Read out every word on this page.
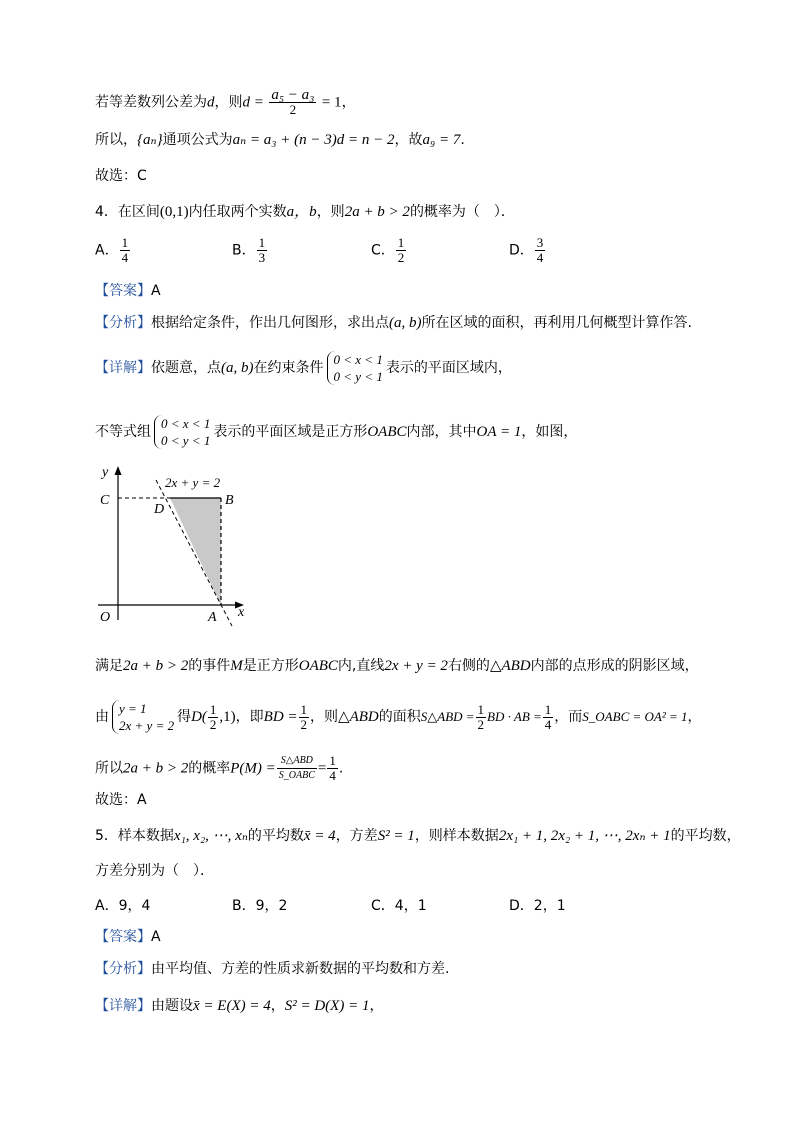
若等差数列公差为d，则$d = \frac{\text{a₅ − a₃}}{2} = 1$，
所以，{aₙ}通项公式为aₙ = a₃ + (n − 3)d = n − 2，故a₉ = 7.
故选：C
4．在区间(0,1)内任取两个实数a，b，则2a + b > 2的概率为（　）．
A． $\frac{1}{4}$	B． $\frac{1}{3}$	C． $\frac{1}{2}$	D． $\frac{3}{4}$
【答案】A
【分析】根据给定条件，作出几何图形，求出点(a, b)所在区域的面积，再利用几何概型计算作答.
【详解】依题意，点(a, b)在约束条件
0 < x < 1
0 < y < 1
表示的平面区域内，
不等式组
0 < x < 1
0 < y < 1
表示的平面区域是正方形OABC内部，其中OA = 1，如图，
2x + y = 2
y
x
C
D
B
O	A
满足2a + b > 2的事件M是正方形OABC内,直线2x + y = 2右侧的△ABD内部的点形成的阴影区域，
由
y = 1
2x + y = 2
得$D( \frac{1}{2} ,1)$，即BD = $\frac{1}{2}$ ，则△ABD的面积S△ABD = $\frac{1}{2}$ BD · AB = $\frac{1}{4}$ ，而S_OABC = OA² = 1，
所以2a + b > 2的概率$P(M) = \frac{\text{S△ABD}}{\text{S\_OABC}} = \frac{1}{4}$ .
故选：A
5．样本数据x₁, x₂, ⋯, xₙ的平均数x̄ = 4，方差S² = 1，则样本数据2x₁ + 1, 2x₂ + 1, ⋯, 2xₙ + 1的平均数，
方差分别为（　）．
A．9，4	B．9，2	C．4，1	D．2，1
【答案】A
【分析】由平均值、方差的性质求新数据的平均数和方差.
【详解】由题设x̄ = E(X) = 4，S² = D(X) = 1，
